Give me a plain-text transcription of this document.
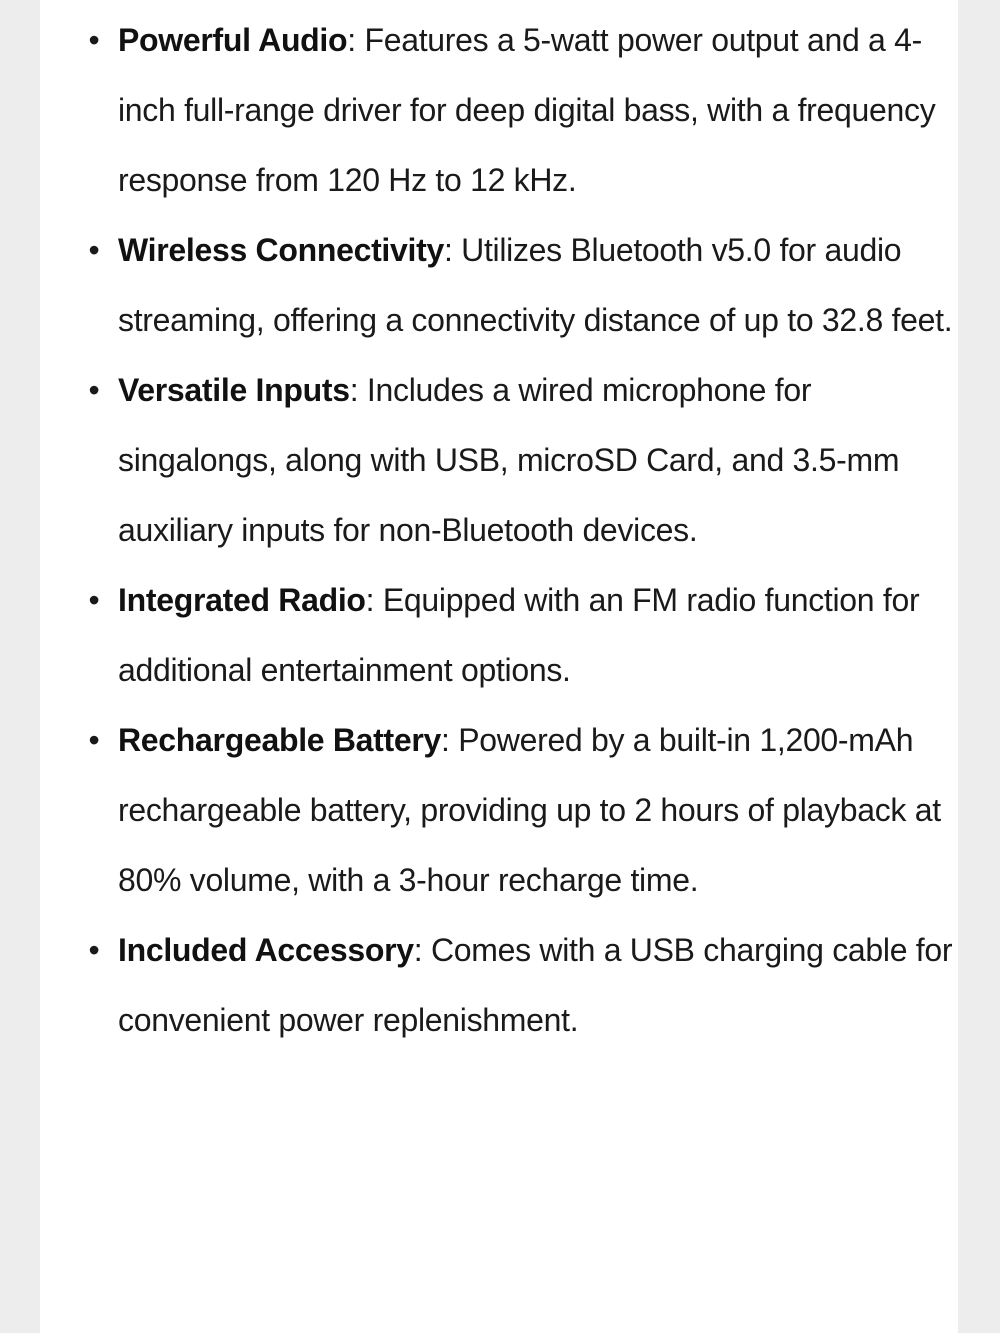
• Powerful Audio: Features a 5-watt power output and a 4-inch full-range driver for deep digital bass, with a frequency response from 120 Hz to 12 kHz.
• Wireless Connectivity: Utilizes Bluetooth v5.0 for audio streaming, offering a connectivity distance of up to 32.8 feet.
• Versatile Inputs: Includes a wired microphone for singalongs, along with USB, microSD Card, and 3.5-mm auxiliary inputs for non-Bluetooth devices.
• Integrated Radio: Equipped with an FM radio function for additional entertainment options.
• Rechargeable Battery: Powered by a built-in 1,200-mAh rechargeable battery, providing up to 2 hours of playback at 80% volume, with a 3-hour recharge time.
• Included Accessory: Comes with a USB charging cable for convenient power replenishment.
